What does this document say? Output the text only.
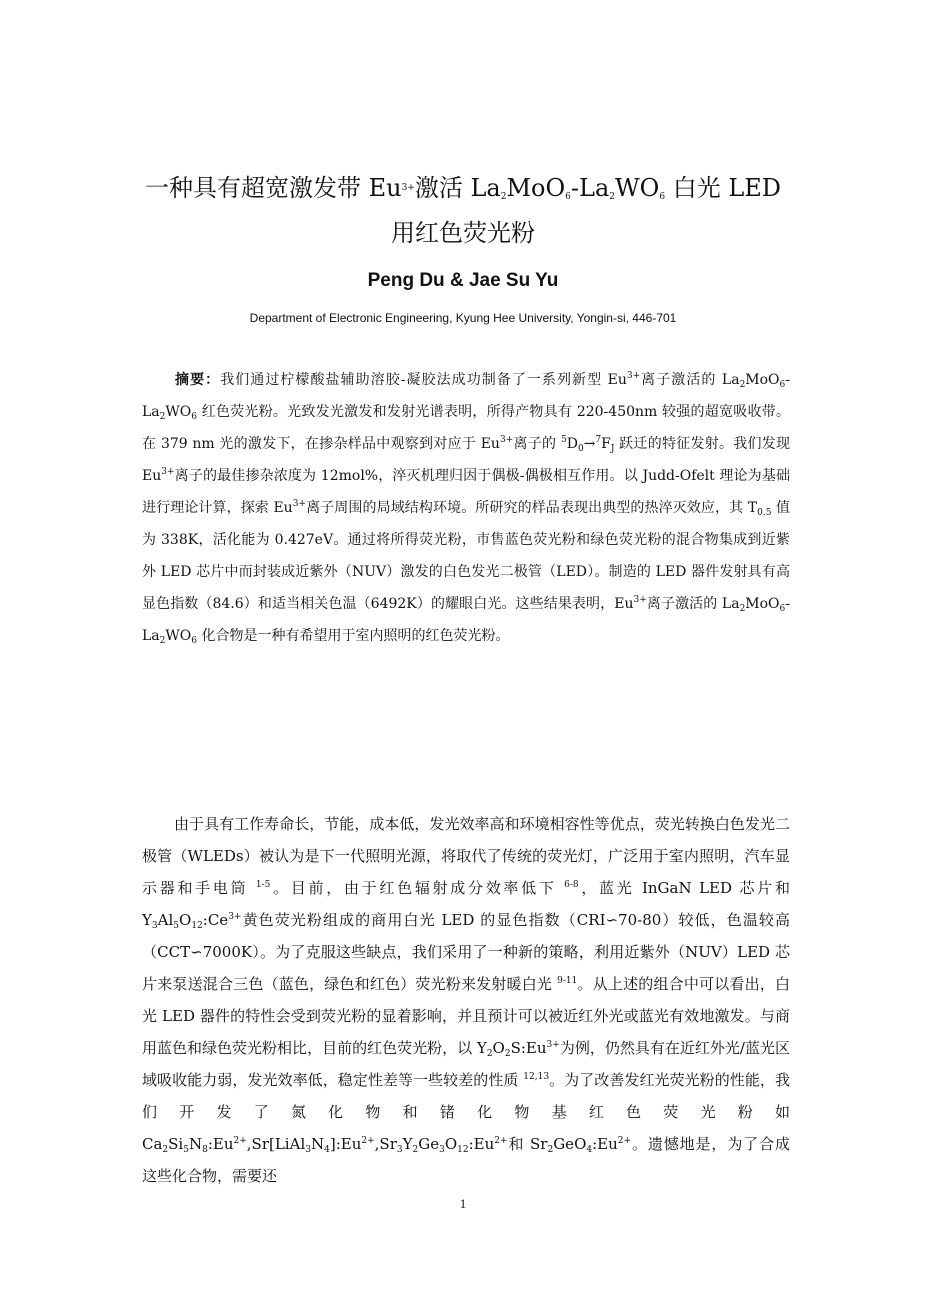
一种具有超宽激发带 $Eu^{3+}$激活 $La_2MoO_6-La_2WO_6$ 白光 LED
用红色荧光粉
Peng Du & Jae Su Yu
Department of Electronic Engineering, Kyung Hee University, Yongin-si, 446-701

摘要：我们通过柠檬酸盐辅助溶胶-凝胶法成功制备了一系列新型 $Eu^{3+}$离子激活的 $La_2MoO_6-La_2WO_6$ 红色荧光粉。光致发光激发和发射光谱表明，所得产物具有 220-450nm 较强的超宽吸收带。在 379 nm 光的激发下，在掺杂样品中观察到对应于 $Eu^{3+}$离子的 $^5D_0\to^7F_J$ 跃迁的特征发射。我们发现 $Eu^{3+}$离子的最佳掺杂浓度为 12mol%，淬灭机理归因于偶极-偶极相互作用。以 Judd-Ofelt 理论为基础进行理论计算，探索 $Eu^{3+}$离子周围的局域结构环境。所研究的样品表现出典型的热淬灭效应，其 $T_{0.5}$ 值为 338K，活化能为 0.427eV。通过将所得荧光粉，市售蓝色荧光粉和绿色荧光粉的混合物集成到近紫外 LED 芯片中而封装成近紫外（NUV）激发的白色发光二极管（LED）。制造的 LED 器件发射具有高显色指数（84.6）和适当相关色温（6492K）的耀眼白光。这些结果表明，$Eu^{3+}$离子激活的 $La_2MoO_6-La_2WO_6$ 化合物是一种有希望用于室内照明的红色荧光粉。

由于具有工作寿命长，节能，成本低，发光效率高和环境相容性等优点，荧光转换白色发光二极管（WLEDs）被认为是下一代照明光源，将取代了传统的荧光灯，广泛用于室内照明，汽车显示器和手电筒 $^{1-5}$。目前，由于红色辐射成分效率低下 $^{6-8}$，蓝光 InGaN LED 芯片和 $Y_3Al_5O_{12}:Ce^{3+}$黄色荧光粉组成的商用白光 LED 的显色指数（CRI∽70-80）较低，色温较高（CCT∽7000K）。为了克服这些缺点，我们采用了一种新的策略，利用近紫外（NUV）LED 芯片来泵送混合三色（蓝色，绿色和红色）荧光粉来发射暖白光 $^{9-11}$。从上述的组合中可以看出，白光 LED 器件的特性会受到荧光粉的显着影响，并且预计可以被近红外光或蓝光有效地激发。与商用蓝色和绿色荧光粉相比，目前的红色荧光粉，以 $Y_2O_2S:Eu^{3+}$为例，仍然具有在近红外光/蓝光区域吸收能力弱，发光效率低，稳定性差等一些较差的性质 $^{12,13}$。为了改善发红光荧光粉的性能，我们开发了氮化物和锗化物基红色荧光粉如 $Ca_2Si_5N_8:Eu^{2+},Sr[LiAl_3N_4]:Eu^{2+},Sr_3Y_2Ge_3O_{12}:Eu^{2+}$和 $Sr_2GeO_4:Eu^{2+}$。遗憾地是，为了合成这些化合物，需要还

1
